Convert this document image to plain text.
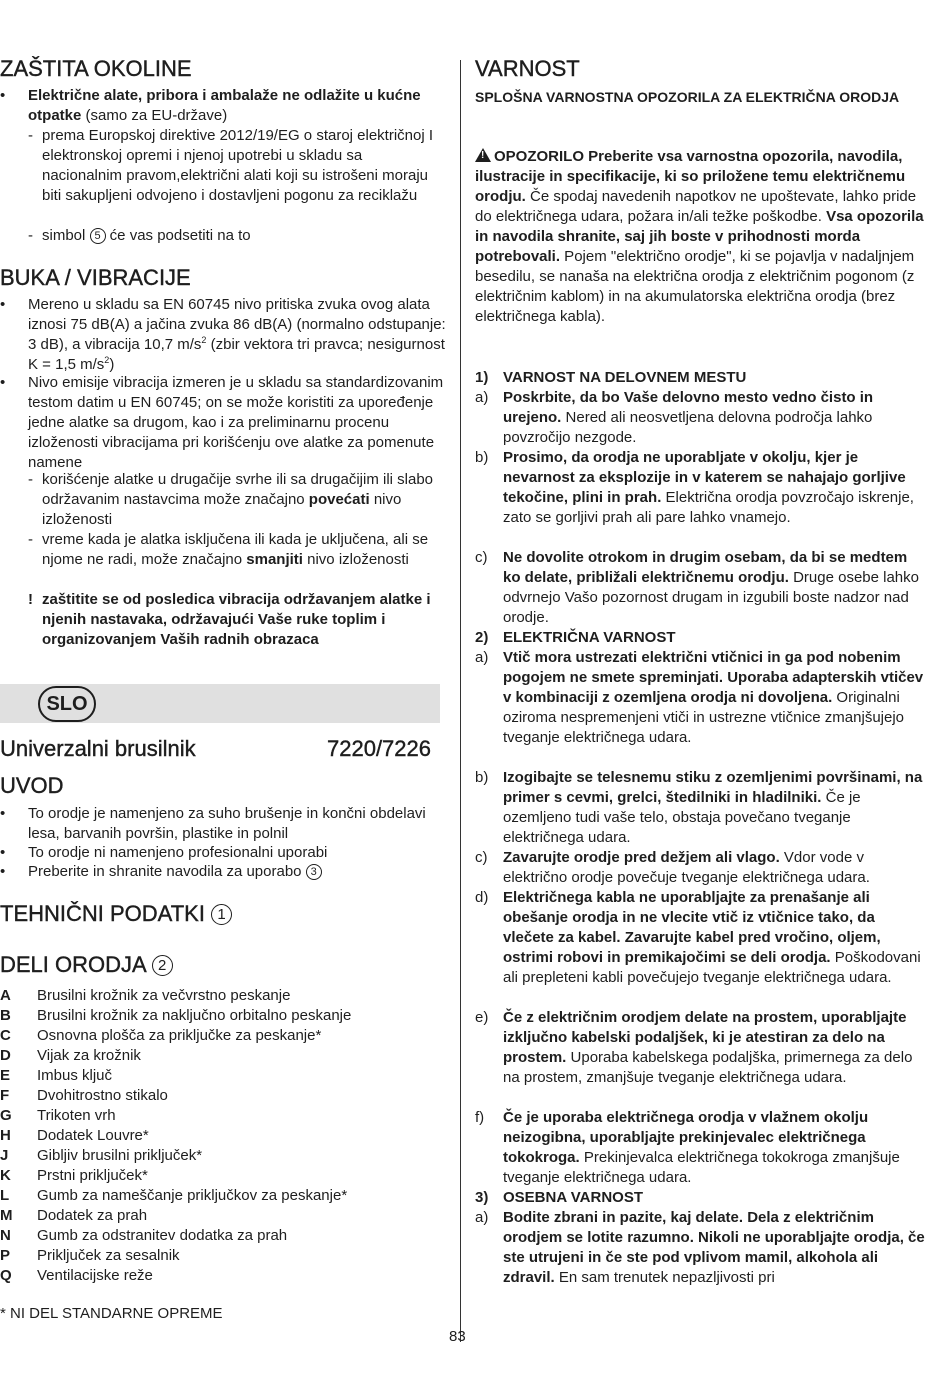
ZAŠTITA OKOLINE
• Električne alate, pribora i ambalaže ne odlažite u kućne otpatke (samo za EU-države)
- prema Europskoj direktive 2012/19/EG o staroj električnoj I elektronskoj opremi i njenoj upotrebi u skladu sa nacionalnim pravom,električni alati koji su istrošeni moraju biti sakupljeni odvojeno i dostavljeni pogonu za reciklažu
- simbol 5 će vas podsetiti na to
BUKA / VIBRACIJE
• Mereno u skladu sa EN 60745 nivo pritiska zvuka ovog alata iznosi 75 dB(A) a jačina zvuka 86 dB(A) (normalno odstupanje: 3 dB), a vibracija 10,7 $m/s^2$ (zbir vektora tri pravca; nesigurnost K = 1,5 $m/s^2$)
• Nivo emisije vibracija izmeren je u skladu sa standardizovanim testom datim u EN 60745; on se može koristiti za upoređenje jedne alatke sa drugom, kao i za preliminarnu procenu izloženosti vibracijama pri korišćenju ove alatke za pomenute namene
- korišćenje alatke u drugačije svrhe ili sa drugačijim ili slabo održavanim nastavcima može značajno povećati nivo izloženosti
- vreme kada je alatka isključena ili kada je uključena, ali se njome ne radi, može značajno smanjiti nivo izloženosti
! zaštitite se od posledica vibracija održavanjem alatke i njenih nastavaka, održavajući Vaše ruke toplim i organizovanjem Vaših radnih obrazaca
SLO
Univerzalni brusilnik	7220/7226
UVOD
• To orodje je namenjeno za suho brušenje in končni obdelavi lesa, barvanih površin, plastike in polnil
• To orodje ni namenjeno profesionalni uporabi
• Preberite in shranite navodila za uporabo 3
TEHNIČNI PODATKI 1
DELI ORODJA 2
A Brusilni krožnik za večvrstno peskanje
B Brusilni krožnik za naključno orbitalno peskanje
C Osnovna plošča za priključke za peskanje*
D Vijak za krožnik
E Imbus ključ
F Dvohitrostno stikalo
G Trikoten vrh
H Dodatek Louvre*
J Gibljiv brusilni priključek*
K Prstni priključek*
L Gumb za nameščanje priključkov za peskanje*
M Dodatek za prah
N Gumb za odstranitev dodatka za prah
P Priključek za sesalnik
Q Ventilacijske reže
* NI DEL STANDARNE OPREME
VARNOST
SPLOŠNA VARNOSTNA OPOZORILA ZA ELEKTRIČNA ORODJA
! OPOZORILO Preberite vsa varnostna opozorila, navodila, ilustracije in specifikacije, ki so priložene temu električnemu orodju. Če spodaj navedenih napotkov ne upoštevate, lahko pride do električnega udara, požara in/ali težke poškodbe. Vsa opozorila in navodila shranite, saj jih boste v prihodnosti morda potrebovali. Pojem "električno orodje", ki se pojavlja v nadaljnjem besedilu, se nanaša na električna orodja z električnim pogonom (z električnim kablom) in na akumulatorska električna orodja (brez električnega kabla).
1) VARNOST NA DELOVNEM MESTU
a) Poskrbite, da bo Vaše delovno mesto vedno čisto in urejeno. Nered ali neosvetljena delovna področja lahko povzročijo nezgode.
b) Prosimo, da orodja ne uporabljate v okolju, kjer je nevarnost za eksplozije in v katerem se nahajajo gorljive tekočine, plini in prah. Električna orodja povzročajo iskrenje, zato se gorljivi prah ali pare lahko vnamejo.
c) Ne dovolite otrokom in drugim osebam, da bi se medtem ko delate, približali električnemu orodju. Druge osebe lahko odvrnejo Vašo pozornost drugam in izgubili boste nadzor nad orodje.
2) ELEKTRIČNA VARNOST
a) Vtič mora ustrezati električni vtičnici in ga pod nobenim pogojem ne smete spreminjati. Uporaba adapterskih vtičev v kombinaciji z ozemljena orodja ni dovoljena. Originalni oziroma nespremenjeni vtiči in ustrezne vtičnice zmanjšujejo tveganje električnega udara.
b) Izogibajte se telesnemu stiku z ozemljenimi površinami, na primer s cevmi, grelci, štedilniki in hladilniki. Če je ozemljeno tudi vaše telo, obstaja povečano tveganje električnega udara.
c) Zavarujte orodje pred dežjem ali vlago. Vdor vode v električno orodje povečuje tveganje električnega udara.
d) Električnega kabla ne uporabljajte za prenašanje ali obešanje orodja in ne vlecite vtič iz vtičnice tako, da vlečete za kabel. Zavarujte kabel pred vročino, oljem, ostrimi robovi in premikajočimi se deli orodja. Poškodovani ali prepleteni kabli povečujejo tveganje električnega udara.
e) Če z električnim orodjem delate na prostem, uporabljajte izključno kabelski podaljšek, ki je atestiran za delo na prostem. Uporaba kabelskega podaljška, primernega za delo na prostem, zmanjšuje tveganje električnega udara.
f) Če je uporaba električnega orodja v vlažnem okolju neizogibna, uporabljajte prekinjevalec električnega tokokroga. Prekinjevalca električnega tokokroga zmanjšuje tveganje električnega udara.
3) OSEBNA VARNOST
a) Bodite zbrani in pazite, kaj delate. Dela z električnim orodjem se lotite razumno. Nikoli ne uporabljajte orodja, če ste utrujeni in če ste pod vplivom mamil, alkohola ali zdravil. En sam trenutek nepazljivosti pri
83
